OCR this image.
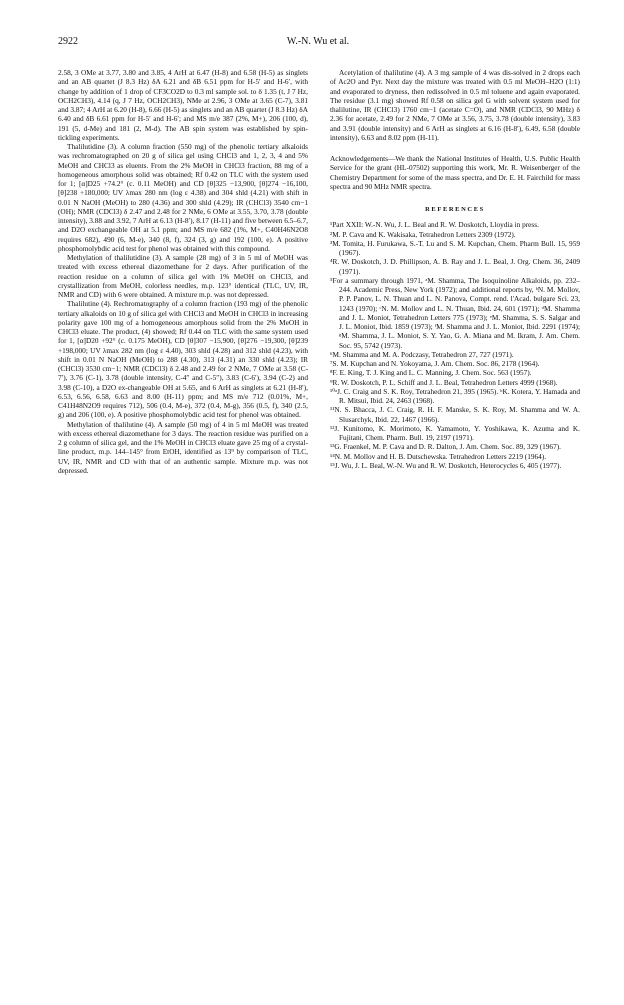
2922	W.-N. Wu et al.

2.58, 3 OMe at 3.77, 3.80 and 3.85, 4 ArH at 6.47 (H-8) and 6.58 (H-5) as singlets and an AB quartet (J 8.3 Hz) δA 6.21 and δB 6.51 ppm for H-5′ and H-6′, with change by addition of 1 drop of CF3CO2D to 0.3 ml sample sol. to δ 1.35 (t, J 7 Hz, OCH2CH3), 4.14 (q, J 7 Hz, OCH2CH3), NMe at 2.96, 3 OMe at 3.65 (C-7), 3.81 and 3.87; 4 ArH at 6.20 (H-8), 6.66 (H-5) as singlets and an AB quartet (J 8.3 Hz) δA 6.40 and δB 6.61 ppm for H-5′ and H-6′; and MS m/e 387 (2%, M+), 206 (100, d), 191 (5, d-Me) and 181 (2, M-d). The AB spin system was established by spin-tickling experiments.

Thalilutidine (3). A column fraction (550 mg) of the phenolic tertiary alkaloids was rechromatographed on 20 g of silica gel using CHCl3 and 1, 2, 3, 4 and 5% MeOH and CHCl3 as eluents. From the 2% MeOH in CHCl3 fraction, 88 mg of a homogeneous amorphous solid was obtained; Rf 0.42 on TLC with the system used for 1; [α]D25 +74.2° (c. 0.11 MeOH) and CD [θ]325 −13,900, [θ]274 −16,100, [θ]238 +180,000; UV λmax 280 nm (log ε 4.38) and 304 shld (4.21) with shift in 0.01 N NaOH (MeOH) to 280 (4.36) and 300 shld (4.29); IR (CHCl3) 3540 cm−1 (OH); NMR (CDCl3) δ 2.47 and 2.48 for 2 NMe, 6 OMe at 3.55, 3.70, 3.78 (double intensity), 3.88 and 3.92, 7 ArH at 6.13 (H-8′), 8.17 (H-11) and five between 6.5–6.7, and D2O exchangeable OH at 5.1 ppm; and MS m/e 682 (1%, M+, C40H46N2O8 requires 682), 490 (6, M-e), 340 (8, f), 324 (3, g) and 192 (100, e). A positive phosphomolybdic acid test for phenol was obtained with this compound.

Methylation of thalilutidine (3). A sample (28 mg) of 3 in 5 ml of MeOH was treated with excess ethereal diazomethane for 2 days. After purification of the reaction residue on a column of silica gel with 1% MeOH on CHCl3, and crystallization from MeOH, colorless needles, m.p. 123° identical (TLC, UV, IR, NMR and CD) with 6 were obtained. A mixture m.p. was not depressed.

Thalilutine (4). Rechromatography of a column fraction (193 mg) of the phenolic tertiary alkaloids on 10 g of silica gel with CHCl3 and MeOH in CHCl3 in increasing polarity gave 100 mg of a homogeneous amorphous solid from the 2% MeOH in CHCl3 eluate. The product, (4) showed; Rf 0.44 on TLC with the same system used for 1, [α]D20 +92° (c. 0.175 MeOH), CD [θ]307 −15,900, [θ]276 −19,300, [θ]239 +198,000; UV λmax 282 nm (log ε 4.40), 303 shld (4.28) and 312 shld (4.23), with shift in 0.01 N NaOH (MeOH) to 288 (4.30), 313 (4.31) an 330 shld (4.23); IR (CHCl3) 3530 cm−1; NMR (CDCl3) δ 2.48 and 2.49 for 2 NMe, 7 OMe at 3.58 (C-7′), 3.76 (C-1), 3.78 (double intensity, C-4″ and C-5″), 3.83 (C-6′), 3.94 (C-2) and 3.98 (C-10), a D2O ex-changeable OH at 5.65, and 6 ArH as singlets at 6.21 (H-8′), 6.53, 6.56, 6.58, 6.63 and 8.00 (H-11) ppm; and MS m/e 712 (0.01%, M+, C41H48N2O9 requires 712), 506 (0.4, M-e), 372 (0.4, M-g), 356 (0.5, f), 340 (2.5, g) and 206 (100, e). A positive phosphomolybdic acid test for phenol was obtained.

Methylation of thalilutine (4). A sample (50 mg) of 4 in 5 ml MeOH was treated with excess ethereal diazomethane for 3 days. The reaction residue was purified on a 2 g column of silica gel, and the 1% MeOH in CHCl3 eluate gave 25 mg of a crystal-line product, m.p. 144–145° from EtOH, identified as 13⁹ by comparison of TLC, UV, IR, NMR and CD with that of an authentic sample. Mixture m.p. was not depressed.

Acetylation of thalilutine (4). A 3 mg sample of 4 was dis-solved in 2 drops each of Ac2O and Pyr. Next day the mixture was treated with 0.5 ml MeOH–H2O (1:1) and evaporated to dryness, then redissolved in 0.5 ml toluene and again evaporated. The residue (3.1 mg) showed Rf 0.58 on silica gel G with solvent system used for thalilutine, IR (CHCl3) 1760 cm−1 (acetate C=O), and NMR (CDCl3, 90 MHz) δ 2.36 for acetate, 2.49 for 2 NMe, 7 OMe at 3.56, 3.75, 3.78 (double intensity), 3.83 and 3.91 (double intensity) and 6 ArH as singlets at 6.16 (H-8′), 6.49, 6.58 (double intensity), 6.63 and 8.02 ppm (H-11).

Acknowledgements—We thank the National Institutes of Health, U.S. Public Health Service for the grant (HL-07502) supporting this work, Mr. R. Weisenberger of the Chemistry Department for some of the mass spectra, and Dr. E. H. Fairchild for mass spectra and 90 MHz NMR spectra.

REFERENCES

¹Part XXII: W.-N. Wu, J. L. Beal and R. W. Doskotch, Lloydia in press.

²M. P. Cava and K. Wakisaka, Tetrahedron Letters 2309 (1972).

³M. Tomita, H. Furukawa, S.-T. Lu and S. M. Kupchan, Chem. Pharm Bull. 15, 959 (1967).

⁴R. W. Doskotch, J. D. Phillipson, A. B. Ray and J. L. Beal, J. Org. Chem. 36, 2409 (1971).

⁵For a summary through 1971, ᵃM. Shamma, The Isoquinoline Alkaloids, pp. 232–244. Academic Press, New York (1972); and additional reports by, ᵇN. M. Mollov, P. P. Panov, L. N. Thuan and L. N. Panova, Compt. rend. l'Acad. bulgare Sci. 23, 1243 (1970); ᶜN. M. Mollov and L. N. Thuan, Ibid. 24, 601 (1971); ᵈM. Shamma and J. L. Moniot, Tetrahedron Letters 775 (1973); ᵉM. Shamma, S. S. Salgar and J. L. Moniot, Ibid. 1859 (1973); ᶠM. Shamma and J. L. Moniot, Ibid. 2291 (1974); ᵍM. Shamma, J. L. Moniot, S. Y. Yao, G. A. Miana and M. Ikram, J. Am. Chem. Soc. 95, 5742 (1973).

⁶M. Shamma and M. A. Podczasy, Tetrahedron 27, 727 (1971).

⁷S. M. Kupchan and N. Yokoyama, J. Am. Chem. Soc. 86, 2178 (1964).

⁸F. E. King, T. J. King and L. C. Manning, J. Chem. Soc. 563 (1957).

⁹R. W. Doskotch, P. L. Schiff and J. L. Beal, Tetrahedron Letters 4999 (1968).

¹⁰ᵃJ. C. Craig and S. K. Roy, Tetrahedron 21, 395 (1965). ᵇK. Kotera, Y. Hamada and R. Mitsui, Ibid. 24, 2463 (1968).

¹¹N. S. Bhacca, J. C. Craig, R. H. F. Manske, S. K. Roy, M. Shamma and W. A. Slusarchyk, Ibid. 22, 1467 (1966).

¹²J. Kunitomo, K. Morimoto, K. Yamamoto, Y. Yoshikawa, K. Azuma and K. Fujitani, Chem. Pharm. Bull. 19, 2197 (1971).

¹³G. Fraenkel, M. P. Cava and D. R. Dalton, J. Am. Chem. Soc. 89, 329 (1967).

¹⁴N. M. Mollov and H. B. Dutschewska. Tetrahedron Letters 2219 (1964).

¹⁵J. Wu, J. L. Beal, W.-N. Wu and R. W. Doskotch, Heterocycles 6, 405 (1977).
